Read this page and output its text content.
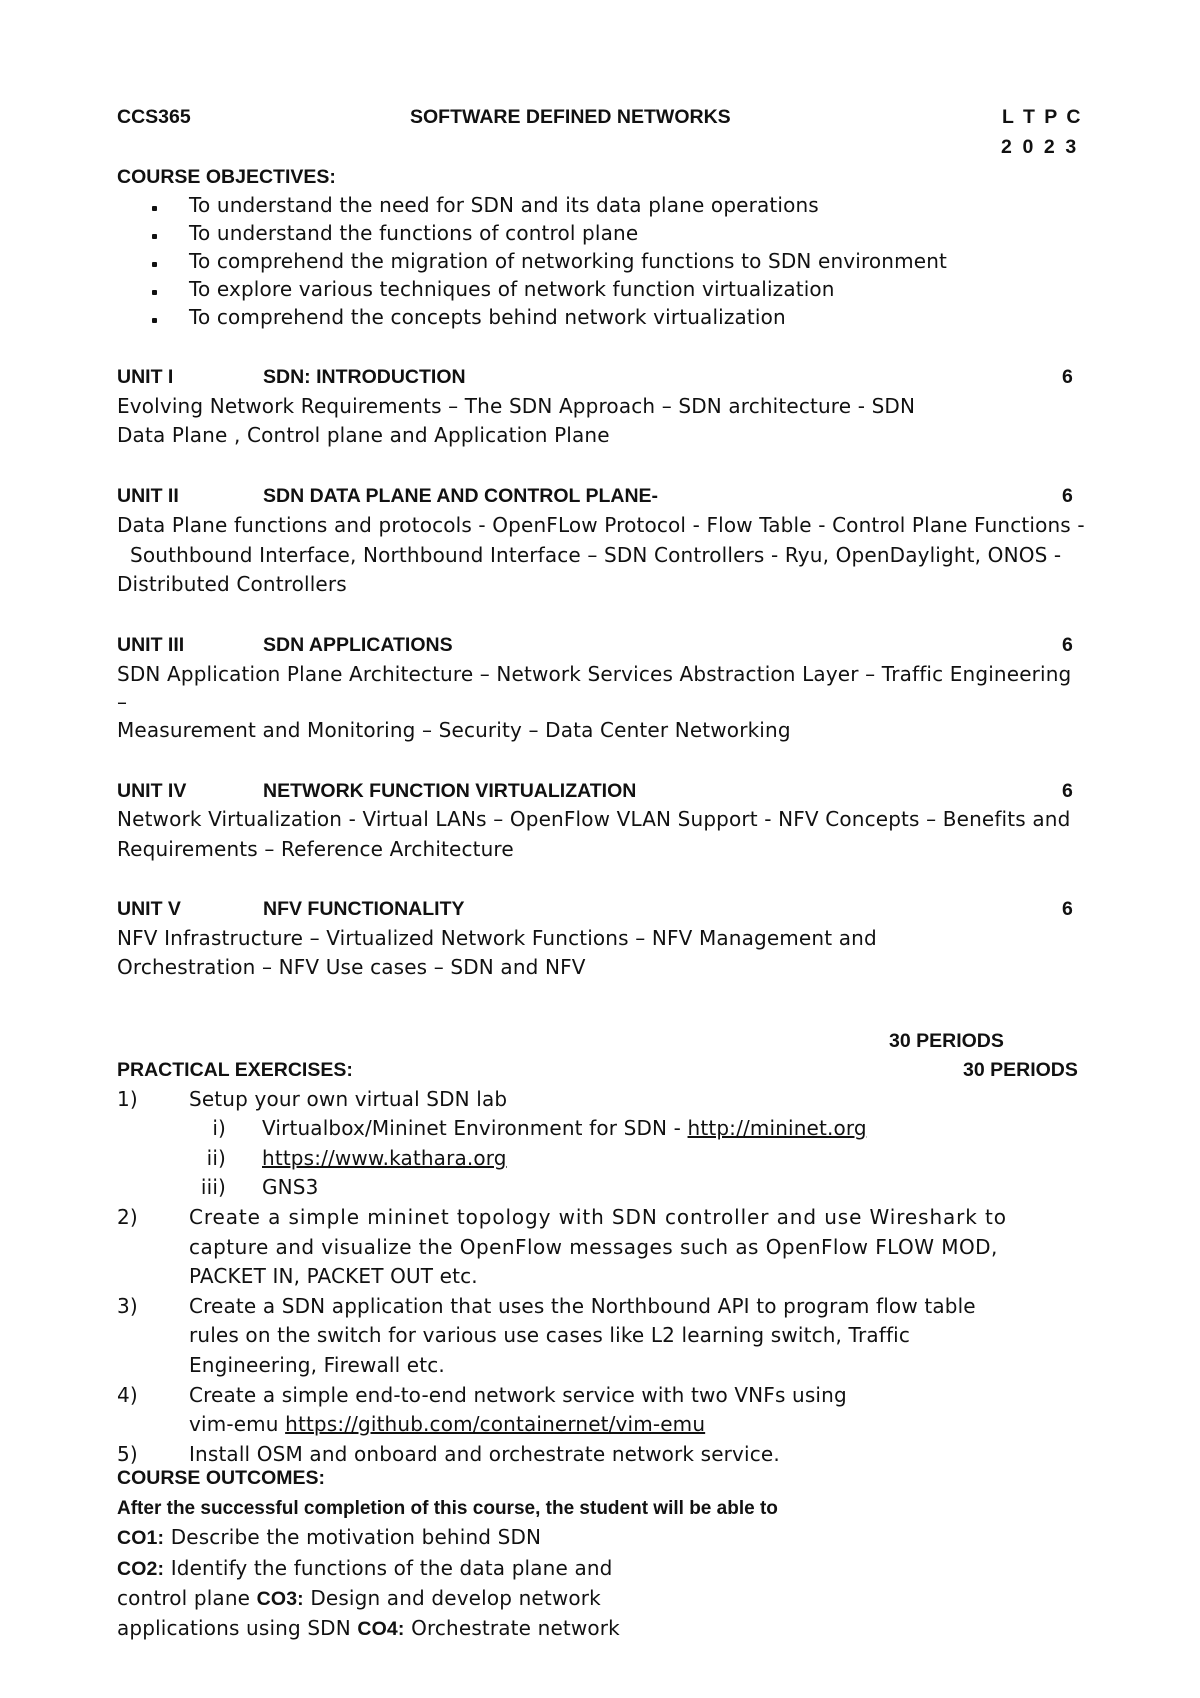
CCS365	SOFTWARE DEFINED NETWORKS	L T P C
2 0 2 3
COURSE OBJECTIVES:
To understand the need for SDN and its data plane operations
To understand the functions of control plane
To comprehend the migration of networking functions to SDN environment
To explore various techniques of network function virtualization
To comprehend the concepts behind network virtualization
UNIT I	SDN: INTRODUCTION	6
Evolving Network Requirements – The SDN Approach – SDN architecture - SDN
Data Plane , Control plane and Application Plane
UNIT II	SDN DATA PLANE AND CONTROL PLANE-	6
Data Plane functions and protocols - OpenFLow Protocol - Flow Table - Control Plane Functions -
Southbound Interface, Northbound Interface – SDN Controllers - Ryu, OpenDaylight, ONOS -
Distributed Controllers
UNIT III	SDN APPLICATIONS	6
SDN Application Plane Architecture – Network Services Abstraction Layer – Traffic Engineering
–
Measurement and Monitoring – Security – Data Center Networking
UNIT IV	NETWORK FUNCTION VIRTUALIZATION	6
Network Virtualization - Virtual LANs – OpenFlow VLAN Support - NFV Concepts – Benefits and
Requirements – Reference Architecture
UNIT V	NFV FUNCTIONALITY	6
NFV Infrastructure – Virtualized Network Functions – NFV Management and
Orchestration – NFV Use cases – SDN and NFV
30 PERIODS
PRACTICAL EXERCISES:	30 PERIODS
1)	Setup your own virtual SDN lab
i) Virtualbox/Mininet Environment for SDN - http://mininet.org
ii) https://www.kathara.org
iii) GNS3
2)	Create a simple mininet topology with SDN controller and use Wireshark to
capture and visualize the OpenFlow messages such as OpenFlow FLOW MOD,
PACKET IN, PACKET OUT etc.
3)	Create a SDN application that uses the Northbound API to program flow table
rules on the switch for various use cases like L2 learning switch, Traffic
Engineering, Firewall etc.
4)	Create a simple end-to-end network service with two VNFs using
vim-emu https://github.com/containernet/vim-emu
5)	Install OSM and onboard and orchestrate network service.
COURSE OUTCOMES:
After the successful completion of this course, the student will be able to
CO1: Describe the motivation behind SDN
CO2: Identify the functions of the data plane and
control plane CO3: Design and develop network
applications using SDN CO4: Orchestrate network
